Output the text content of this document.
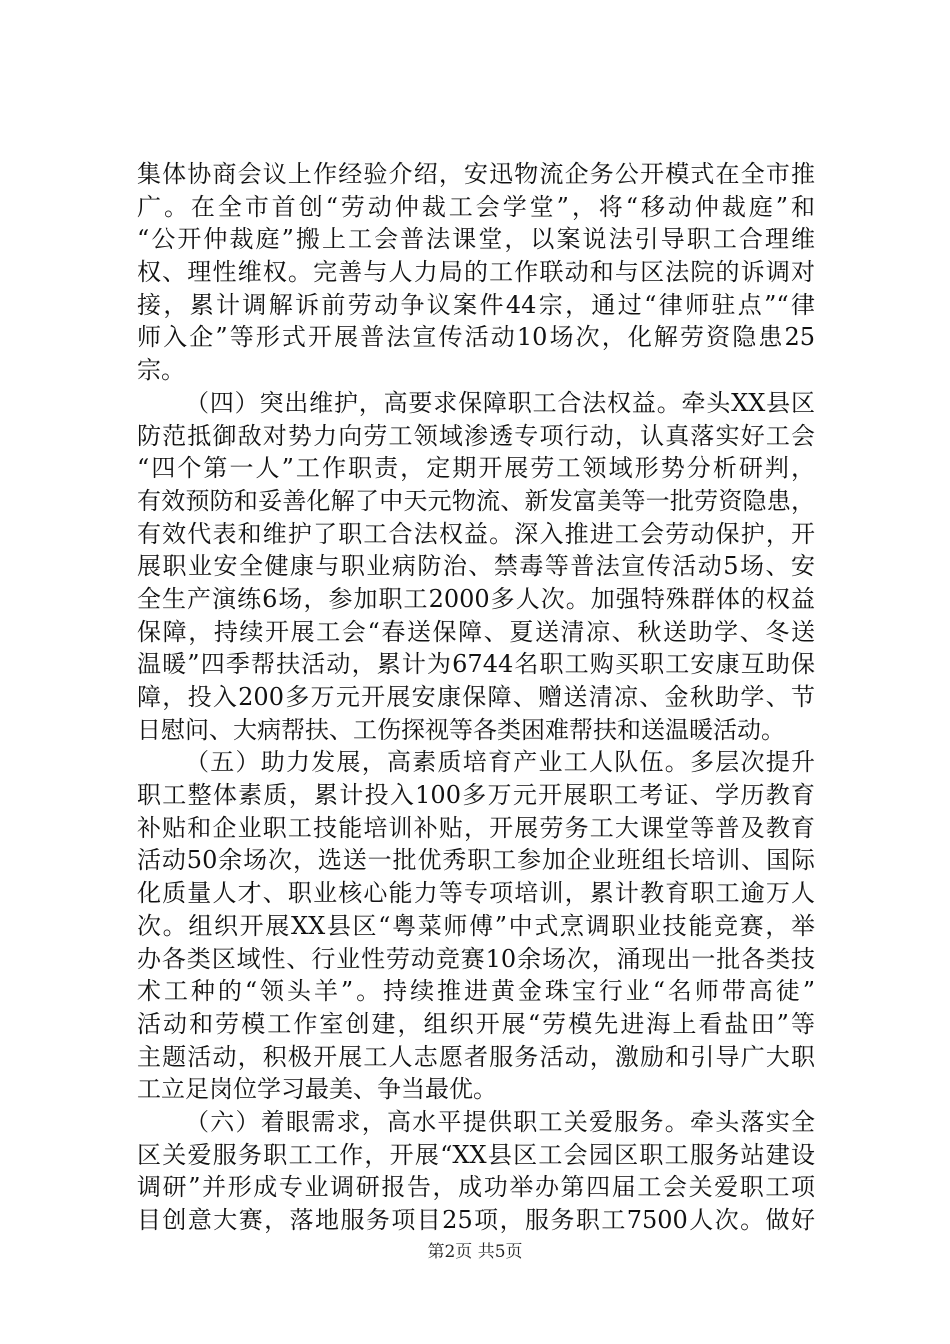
集体协商会议上作经验介绍，安迅物流企务公开模式在全市推
广。在全市首创“劳动仲裁工会学堂”，将“移动仲裁庭”和
“公开仲裁庭”搬上工会普法课堂，以案说法引导职工合理维
权、理性维权。完善与人力局的工作联动和与区法院的诉调对
接，累计调解诉前劳动争议案件44宗，通过“律师驻点”“律
师入企”等形式开展普法宣传活动10场次，化解劳资隐患25
宗。
（四）突出维护，高要求保障职工合法权益。牵头XX县区
防范抵御敌对势力向劳工领域渗透专项行动，认真落实好工会
“四个第一人”工作职责，定期开展劳工领域形势分析研判，
有效预防和妥善化解了中天元物流、新发富美等一批劳资隐患，
有效代表和维护了职工合法权益。深入推进工会劳动保护，开
展职业安全健康与职业病防治、禁毒等普法宣传活动5场、安
全生产演练6场，参加职工2000多人次。加强特殊群体的权益
保障，持续开展工会“春送保障、夏送清凉、秋送助学、冬送
温暖”四季帮扶活动，累计为6744名职工购买职工安康互助保
障，投入200多万元开展安康保障、赠送清凉、金秋助学、节
日慰问、大病帮扶、工伤探视等各类困难帮扶和送温暖活动。
（五）助力发展，高素质培育产业工人队伍。多层次提升
职工整体素质，累计投入100多万元开展职工考证、学历教育
补贴和企业职工技能培训补贴，开展劳务工大课堂等普及教育
活动50余场次，选送一批优秀职工参加企业班组长培训、国际
化质量人才、职业核心能力等专项培训，累计教育职工逾万人
次。组织开展XX县区“粤菜师傅”中式烹调职业技能竞赛，举
办各类区域性、行业性劳动竞赛10余场次，涌现出一批各类技
术工种的“领头羊”。持续推进黄金珠宝行业“名师带高徒”
活动和劳模工作室创建，组织开展“劳模先进海上看盐田”等
主题活动，积极开展工人志愿者服务活动，激励和引导广大职
工立足岗位学习最美、争当最优。
（六）着眼需求，高水平提供职工关爱服务。牵头落实全
区关爱服务职工工作，开展“XX县区工会园区职工服务站建设
调研”并形成专业调研报告，成功举办第四届工会关爱职工项
目创意大赛，落地服务项目25项，服务职工7500人次。做好
第2页 共5页
